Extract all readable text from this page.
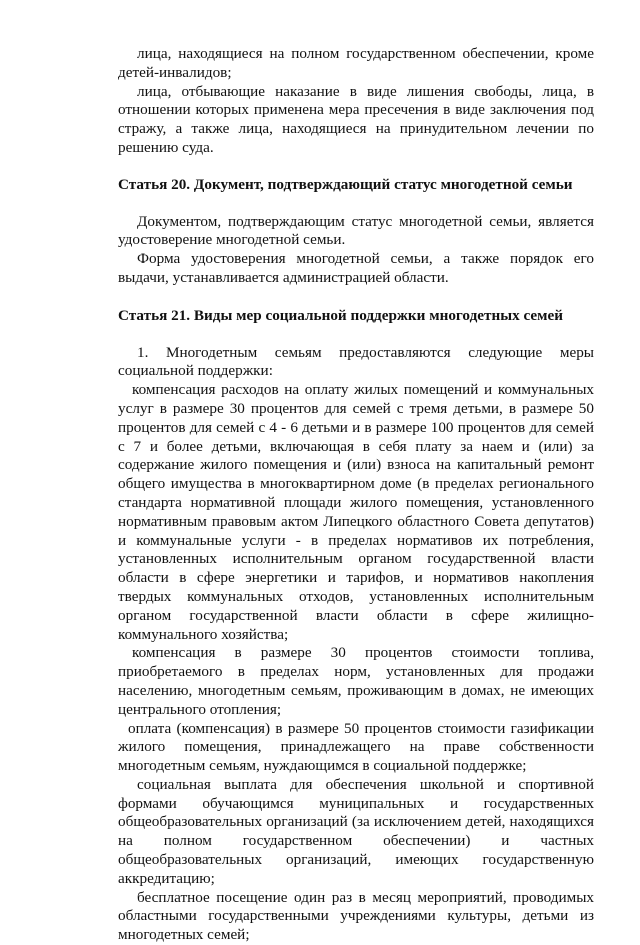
лица, находящиеся на полном государственном обеспечении, кроме детей-инвалидов;

лица, отбывающие наказание в виде лишения свободы, лица, в отношении которых применена мера пресечения в виде заключения под стражу, а также лица, находящиеся на принудительном лечении по решению суда.

Статья 20. Документ, подтверждающий статус многодетной семьи

Документом, подтверждающим статус многодетной семьи, является удостоверение многодетной семьи.

Форма удостоверения многодетной семьи, а также порядок его выдачи, устанавливается администрацией области.

Статья 21. Виды мер социальной поддержки многодетных семей

1. Многодетным семьям предоставляются следующие меры социальной поддержки:

компенсация расходов на оплату жилых помещений и коммунальных услуг в размере 30 процентов для семей с тремя детьми, в размере 50 процентов для семей с 4 - 6 детьми и в размере 100 процентов для семей с 7 и более детьми, включающая в себя плату за наем и (или) за содержание жилого помещения и (или) взноса на капитальный ремонт общего имущества в многоквартирном доме (в пределах регионального стандарта нормативной площади жилого помещения, установленного нормативным правовым актом Липецкого областного Совета депутатов) и коммунальные услуги - в пределах нормативов их потребления, установленных исполнительным органом государственной власти области в сфере энергетики и тарифов, и нормативов накопления твердых коммунальных отходов, установленных исполнительным органом государственной власти области в сфере жилищно-коммунального хозяйства;

компенсация в размере 30 процентов стоимости топлива, приобретаемого в пределах норм, установленных для продажи населению, многодетным семьям, проживающим в домах, не имеющих центрального отопления;

оплата (компенсация) в размере 50 процентов стоимости газификации жилого помещения, принадлежащего на праве собственности многодетным семьям, нуждающимся в социальной поддержке;

социальная выплата для обеспечения школьной и спортивной формами обучающимся муниципальных и государственных общеобразовательных организаций (за исключением детей, находящихся на полном государственном обеспечении) и частных общеобразовательных организаций, имеющих государственную аккредитацию;

бесплатное посещение один раз в месяц мероприятий, проводимых областными государственными учреждениями культуры, детьми из многодетных семей;
